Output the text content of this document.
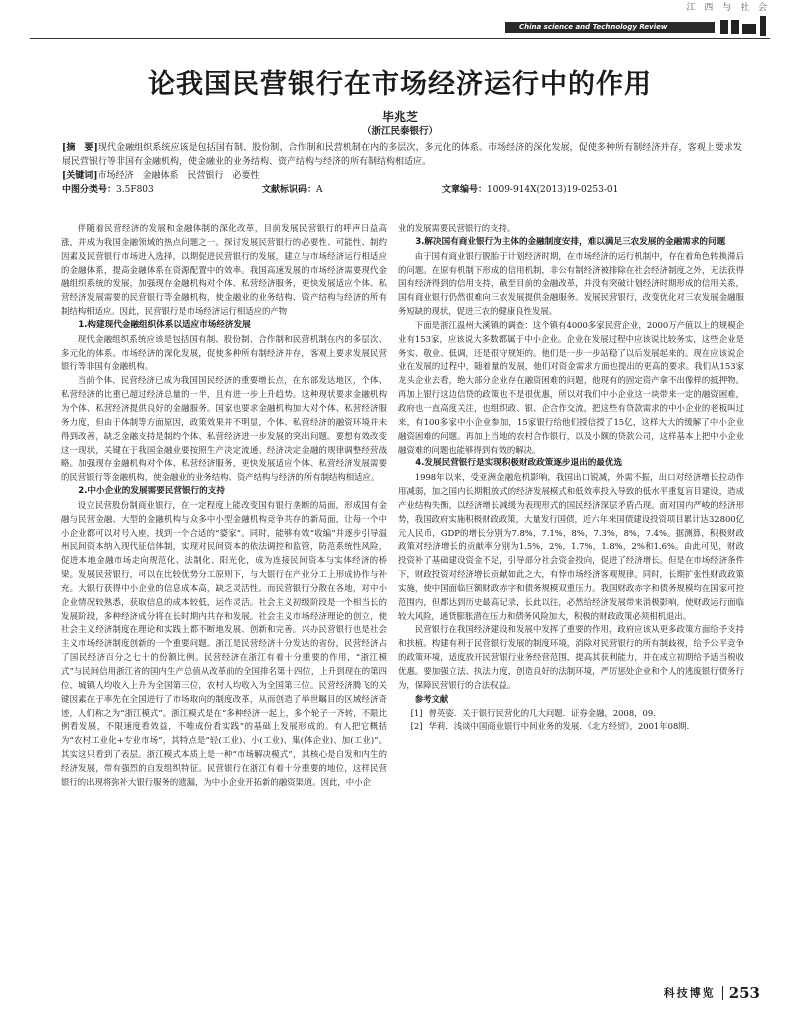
江 西 与 社 会
China science and Technology Review
论我国民营银行在市场经济运行中的作用
毕兆芝
（浙江民泰银行）
[摘　要]现代金融组织系统应该是包括国有制、股份制、合作制和民营机制在内的多层次、多元化的体系。市场经济的深化发展，促使多种所有制经济并存，客观上要求发展民营银行等非国有金融机构，使金融业的业务结构、资产结构与经济的所有制结构相适应。
[关键词]市场经济　金融体系　民营银行　必要性
中图分类号：3.5F803	文献标识码：A	文章编号：1009-914X(2013)19-0253-01

伴随着民营经济的发展和金融体制的深化改革，目前发展民营银行的呼声日益高涨，并成为我国金融领域的热点问题之一。探讨发展民营银行的必要性、可能性、制约因素及民营银行市场进入选择，以期促进民营银行的发展，建立与市场经济运行相适应的金融体系，提高金融体系在资源配置中的效率。我国高速发展的市场经济需要现代金融组织系统的发展，加强现存金融机构对个体、私营经济服务，更快发展适应个体、私营经济发展需要的民营银行等金融机构，使金融业的业务结构、资产结构与经济的所有制结构相适应。因此，民营银行是市场经济运行相适应的产物

1.构建现代金融组织体系以适应市场经济发展

现代金融组织系统应该是包括国有制、股份制、合作制和民营机制在内的多层次、多元化的体系。市场经济的深化发展，促使多种所有制经济并存，客观上要求发展民营银行等非国有金融机构。

当前个体、民营经济已成为我国国民经济的重要增长点，在东部发达地区，个体、私营经济的比重已超过经济总量的一半，且有进一步上升趋势。这种现状要求金融机构为个体、私营经济提供良好的金融服务。国家也要求金融机构加大对个体、私营经济服务力度，但由于体制等方面原因，政策效果并不明显，个体、私营经济的融资环境并未得到改善，缺乏金融支持是制约个体、私营经济进一步发展的突出问题。要想有效改变这一现状，关键在于我国金融业要按照生产决定流通、经济决定金融的规律调整经营战略。加强现存金融机构对个体、私营经济服务，更快发展适应个体、私营经济发展需要的民营银行等金融机构，使金融业的业务结构、资产结构与经济的所有制结构相适应。

2.中小企业的发展需要民营银行的支持

设立民营股份制商业银行，在一定程度上能改变国有银行垄断的局面，形成国有金融与民营金融、大型的金融机构与众多中小型金融机构竞争共存的新局面，让每一个中小企业都可以对号入座，找到一个合适的“婆家”。同时，能够有效“收编”并逐步引导温州民间资本纳入现代征信体制，实现对民间资本的依法调控和监管，防范系统性风险，促进本地金融市场走向规范化、法制化、阳光化，成为连接民间资本与实体经济的桥梁。发展民营银行，可以在比较优势分工原则下，与大银行在产业分工上形成协作与补充。大银行获得中小企业的信息成本高，缺乏灵活性。而民营银行分散在各地，对中小企业情况较熟悉，获取信息的成本较低，运作灵活。社会主义初级阶段是一个相当长的发展阶段，多种经济成分将在长时期内共存和发展。社会主义市场经济理论的创立，使社会主义经济制度在理论和实践上都不断地发展、创新和完善。兴办民营银行也是社会主义市场经济制度创新的一个重要问题。浙江是民营经济十分发达的省份，民营经济占了国民经济百分之七十的份额比例。民营经济在浙江有着十分重要的作用，“浙江模式”与民间信用浙江省的国内生产总值从改革前的全国排名第十四位，上升到现在的第四位，城镇人均收入上升为全国第三位，农村人均收入为全国第三位。民营经济腾飞的关键因素在于率先在全国进行了市场取向的制度改革，从而创造了举世瞩目的区域经济奇迹，人们称之为“浙江模式”。浙江模式是在“多种经济一起上，多个轮子一齐转，不限比例看发展，不限速度看效益，不唯成份看实践”的基础上发展形成的。有人把它概括为“农村工业化+专业市场”，其特点是“轻(工业)、小(工业)、集(体企业)、加(工业)”。其实这只看到了表层。浙江模式本质上是一种“市场解决模式”，其核心是自发和内生的经济发展，带有强烈的自发组织特征。民营银行在浙江有着十分重要的地位，这样民营银行的出现将弥补大银行服务的遗漏，为中小企业开拓新的融资渠道。因此，中小企

业的发展需要民营银行的支持。

3.解决国有商业银行为主体的金融制度安排，难以满足三农发展的金融需求的问题

由于国有商业银行脱胎于计划经济时期，在市场经济的运行机制中，存在着角色转换滞后的问题。在原有机制下形成的信用机制，非公有制经济被排除在社会经济制度之外，无法获得国有经济得到的信用支持，截至目前的金融改革，并没有突破计划经济时期形成的信用关系，国有商业银行仍然很难向三农发展提供金融服务。发展民营银行，改变优化对三农发展金融服务短缺的现状，促进三农的健康良性发展。

下面是浙江温州大溪镇的调查：这个镇有4000多家民营企业，2000万产值以上的规模企业有153家，应该说大多数都属于中小企业。企业在发展过程中应该说比较务实，这些企业是务实、敬业、低调，还是很守规矩的。他们是一步一步站稳了以后发展起来的。现在应该说企业在发展的过程中，随着量的发展，他们对资金需求方面也提出的更高的要求。我们从153家龙头企业去看，绝大部分企业存在融资困难的问题，他现有的固定资产拿不出像样的抵押物。再加上银行这边信贷的政策也不是很优惠，所以对我们中小企业这一块带来一定的融资困难，政府也一直高度关注，也组织政、银、企合作交流，把这些有贷款需求的中小企业的老板叫过来，有100多家中小企业参加，15家银行给他们授信授了15亿，这样大大的缓解了中小企业融资困难的问题。再加上当地的农村合作银行，以及小额的贷款公司，这样基本上把中小企业融资难的问题也能够得到有效的解决。

4.发展民营银行是实现积极财政政策逐步退出的最优选

1998年以来，受亚洲金融危机影响，我国出口锐减，外需不振，出口对经济增长拉动作用减弱，加之国内长期粗放式的经济发展模式和低效率投入导致的低水平重复盲目建设，造成产业结构失衡，以经济增长减缓为表现形式的国民经济深层矛盾凸现。面对国内严峻的经济形势，我国政府实施积极财政政策，大量发行国债，近六年来国债建设投资项目累计达32800亿元人民币，GDP的增长分别为7.8%，7.1%，8%，7.3%，8%，7.4%。据测算，积极财政政策对经济增长的贡献率分别为1.5%，2%，1.7%，1.8%，2%和1.6%。由此可见，财政投资补了基础建设资金不足，引导部分社会资金投向，促进了经济增长。但是在市场经济条件下，财政投资对经济增长贡献如此之大，有悖市场经济客观规律。同时，长期扩张性财政政策实施，使中国面临巨额财政赤字和债务规模双重压力。我国财政赤字和债务规模均在国家可控范围内，但都达到历史最高记录，长此以往，必然给经济发展带来消极影响，使财政运行面临较大风险，通货膨胀潜在压力和债务风险加大，积极的财政政策必须相机退出。

民营银行在我国经济建设和发展中发挥了重要的作用，政府应该从更多政策方面给予支持和扶植。构建有利于民营银行发展的制度环境，消除对民营银行的所有制歧视，给予公平竞争的政策环境，适度放开民营银行业务经营范围，提高其获利能力，并在成立初期给予适当税收优惠。要加强立法、执法力度，创造良好的法制环境，严厉惩处企业和个人的逃废银行债务行为，保障民营银行的合法权益。

参考文献

[1] 曾英姿．关于银行民营化的几大问题．证券金融，2008，09．

[2] 华莉．浅谈中国商业银行中间业务的发展．《北方经贸》，2001年08期．

科技博览 253
